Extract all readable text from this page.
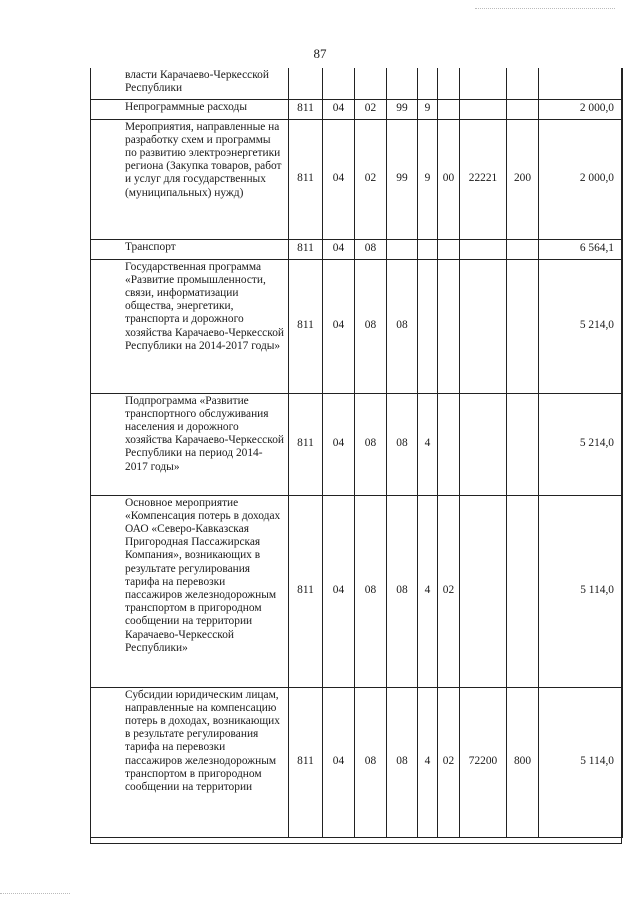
87
власти Карачаево-Черкесской Республики									
Непрограммные расходы	811	04	02	99	9				2 000,0
Мероприятия, направленные на разработку схем и программы по развитию электроэнергетики региона (Закупка товаров, работ и услуг для государственных (муниципальных) нужд)	811	04	02	99	9	00	22221	200	2 000,0
Транспорт	811	04	08						6 564,1
Государственная программа «Развитие промышленности, связи, информатизации общества, энергетики, транспорта и дорожного хозяйства Карачаево-Черкесской Республики на 2014-2017 годы»	811	04	08	08					5 214,0
Подпрограмма «Развитие транспортного обслуживания населения и дорожного хозяйства Карачаево-Черкесской Республики на период 2014-2017 годы»	811	04	08	08	4				5 214,0
Основное мероприятие «Компенсация потерь в доходах ОАО «Северо-Кавказская Пригородная Пассажирская Компания», возникающих в результате регулирования тарифа на перевозки пассажиров железнодорожным транспортом в пригородном сообщении на территории Карачаево-Черкесской Республики»	811	04	08	08	4	02			5 114,0
Субсидии юридическим лицам, направленные на компенсацию потерь в доходах, возникающих в результате регулирования тарифа на перевозки пассажиров железнодорожным транспортом в пригородном сообщении на территории	811	04	08	08	4	02	72200	800	5 114,0
